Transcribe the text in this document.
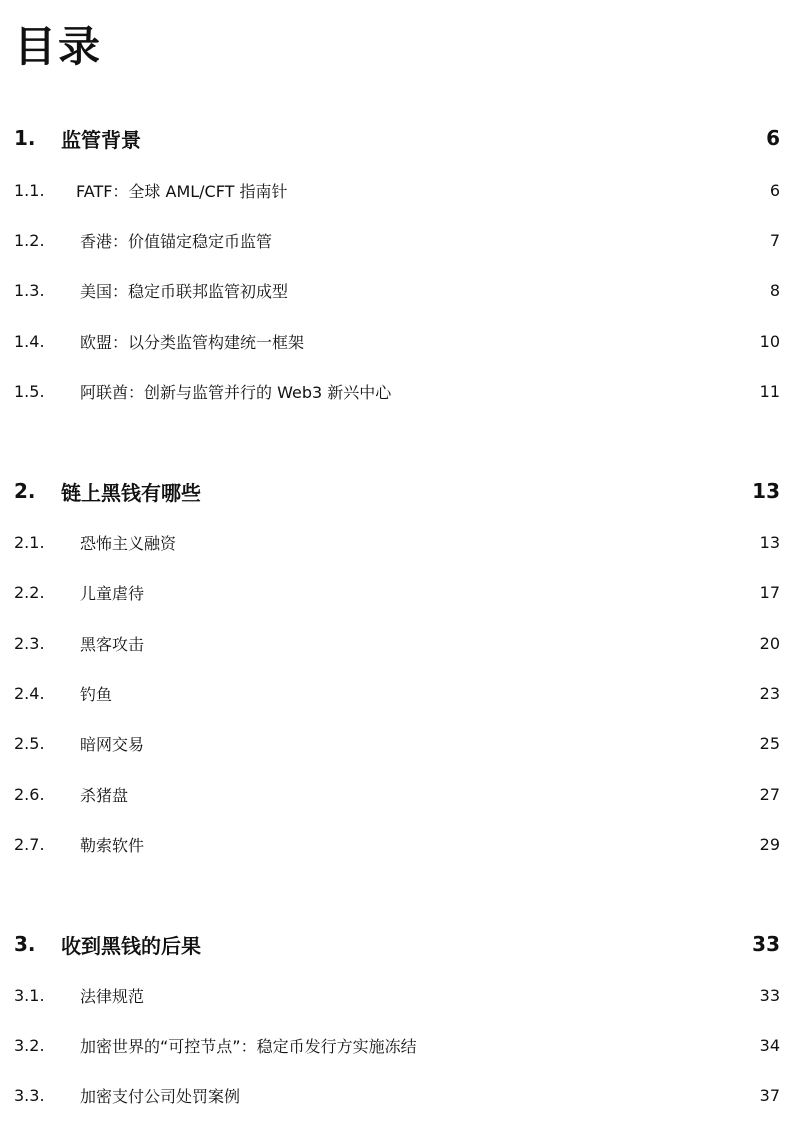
目录
1.	监管背景	6
1.1.	FATF：全球 AML/CFT 指南针	6
1.2.	香港：价值锚定稳定币监管	7
1.3.	美国：稳定币联邦监管初成型	8
1.4.	欧盟：以分类监管构建统一框架	10
1.5.	阿联酋：创新与监管并行的 Web3 新兴中心	11
2.	链上黑钱有哪些	13
2.1.	恐怖主义融资	13
2.2.	儿童虐待	17
2.3.	黑客攻击	20
2.4.	钓鱼	23
2.5.	暗网交易	25
2.6.	杀猪盘	27
2.7.	勒索软件	29
3.	收到黑钱的后果	33
3.1.	法律规范	33
3.2.	加密世界的“可控节点”：稳定币发行方实施冻结	34
3.3.	加密支付公司处罚案例	37
